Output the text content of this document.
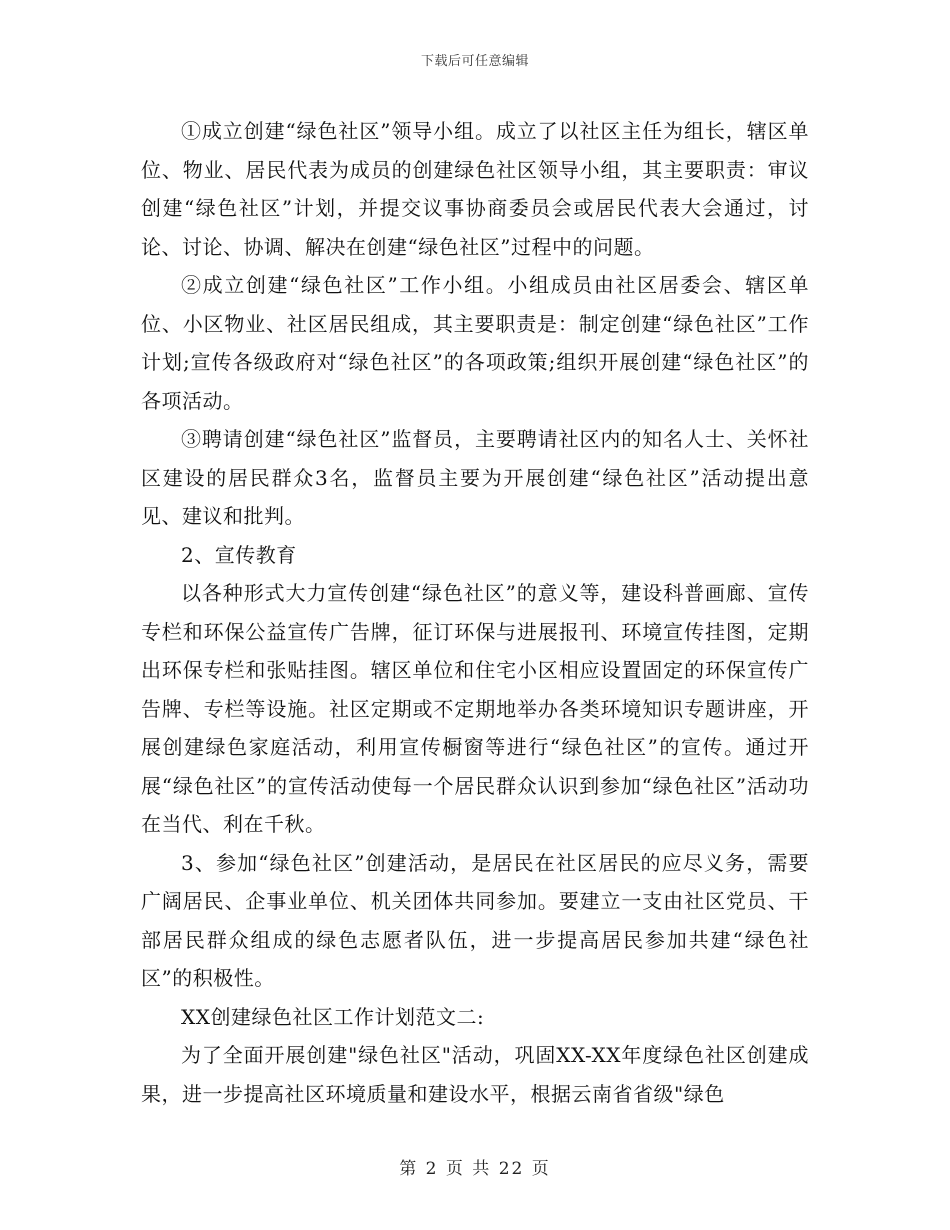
下载后可任意编辑

①成立创建“绿色社区”领导小组。成立了以社区主任为组长，辖区单位、物业、居民代表为成员的创建绿色社区领导小组，其主要职责：审议创建“绿色社区”计划，并提交议事协商委员会或居民代表大会通过，讨论、讨论、协调、解决在创建“绿色社区”过程中的问题。

②成立创建“绿色社区”工作小组。小组成员由社区居委会、辖区单位、小区物业、社区居民组成，其主要职责是：制定创建“绿色社区”工作计划;宣传各级政府对“绿色社区”的各项政策;组织开展创建“绿色社区”的各项活动。

③聘请创建“绿色社区”监督员，主要聘请社区内的知名人士、关怀社区建设的居民群众3名，监督员主要为开展创建“绿色社区”活动提出意见、建议和批判。

2、宣传教育

以各种形式大力宣传创建“绿色社区”的意义等，建设科普画廊、宣传专栏和环保公益宣传广告牌，征订环保与进展报刊、环境宣传挂图，定期出环保专栏和张贴挂图。辖区单位和住宅小区相应设置固定的环保宣传广告牌、专栏等设施。社区定期或不定期地举办各类环境知识专题讲座，开展创建绿色家庭活动，利用宣传橱窗等进行“绿色社区”的宣传。通过开展“绿色社区”的宣传活动使每一个居民群众认识到参加“绿色社区”活动功在当代、利在千秋。

3、参加“绿色社区”创建活动，是居民在社区居民的应尽义务，需要广阔居民、企事业单位、机关团体共同参加。要建立一支由社区党员、干部居民群众组成的绿色志愿者队伍，进一步提高居民参加共建“绿色社区”的积极性。

XX创建绿色社区工作计划范文二:

为了全面开展创建"绿色社区"活动，巩固XX-XX年度绿色社区创建成果，进一步提高社区环境质量和建设水平，根据云南省省级"绿色

第 2 页 共 22 页
